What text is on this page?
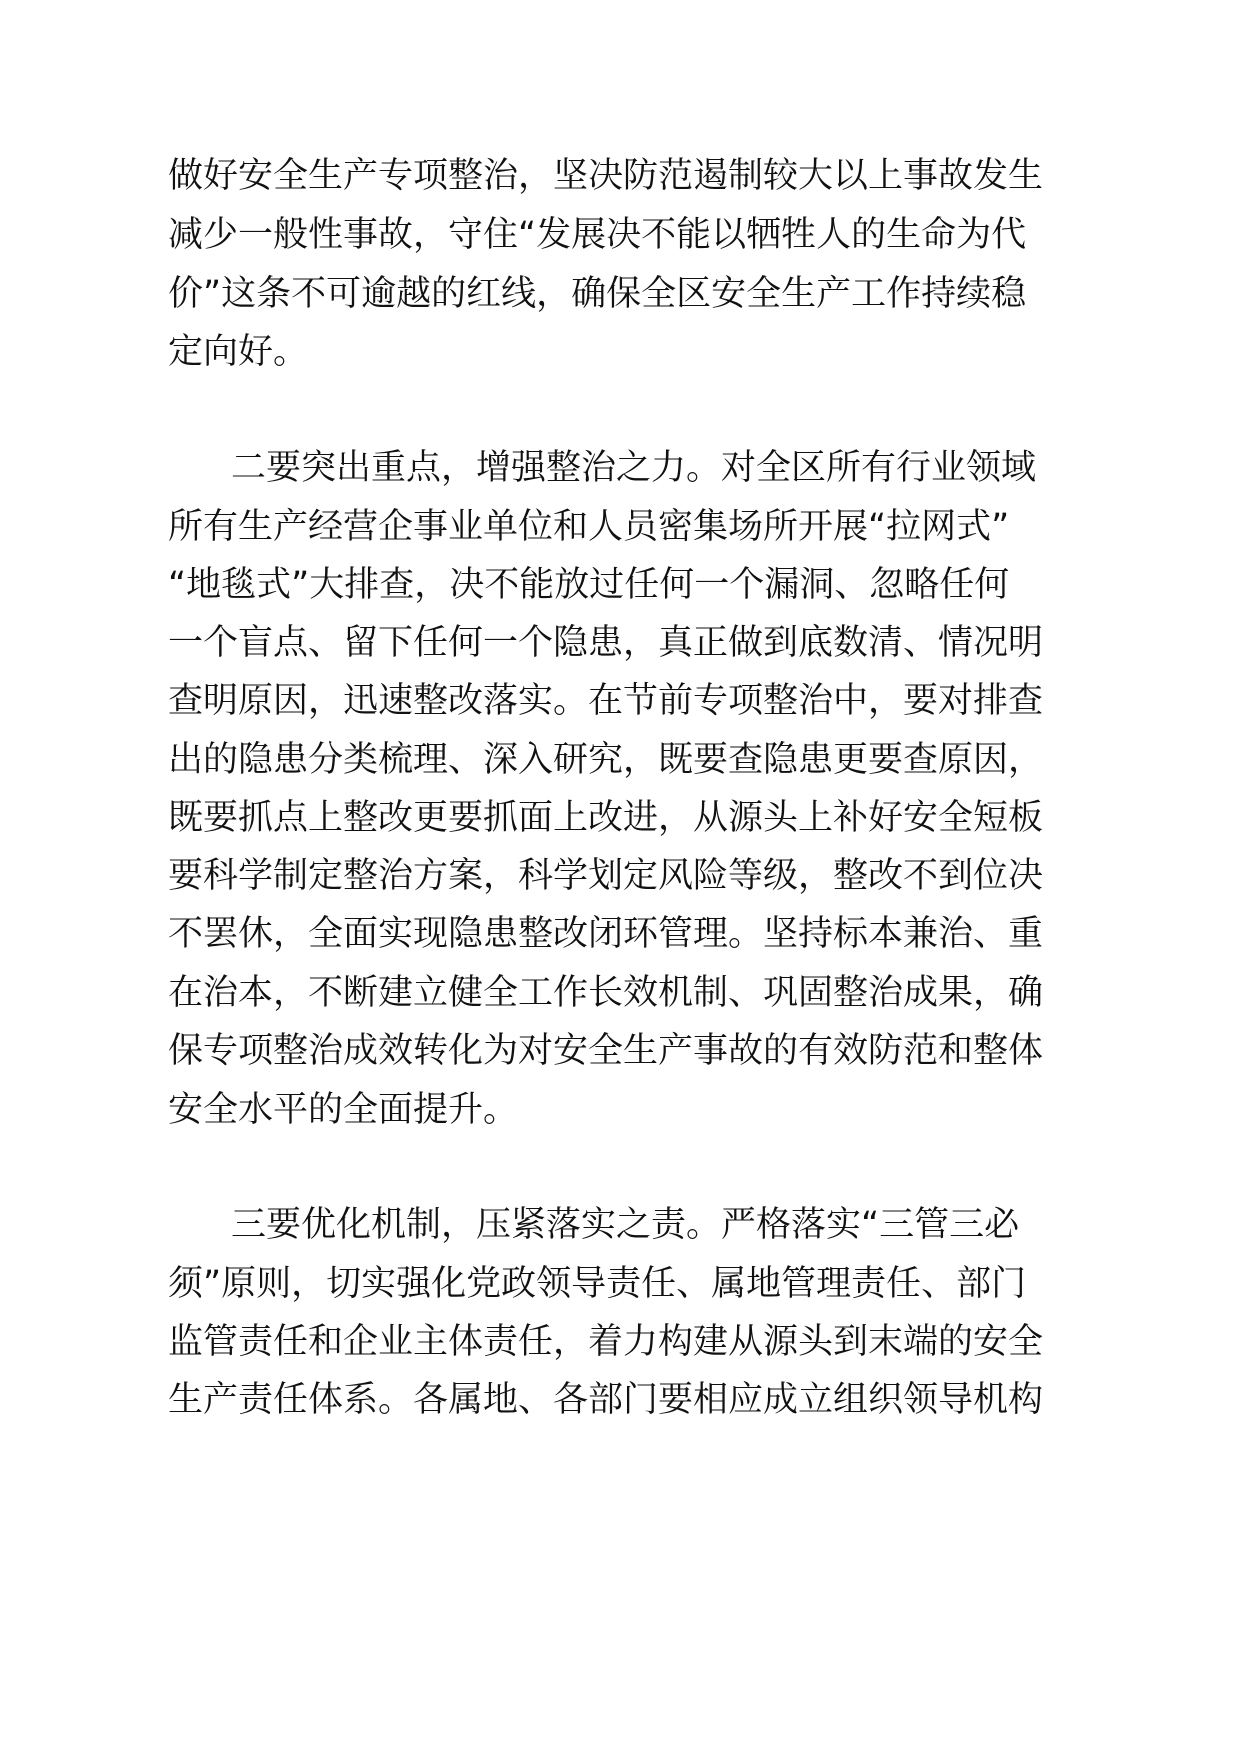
做好安全生产专项整治，坚决防范遏制较大以上事故发生
减少一般性事故，守住“发展决不能以牺牲人的生命为代
价”这条不可逾越的红线，确保全区安全生产工作持续稳
定向好。
二要突出重点，增强整治之力。对全区所有行业领域
所有生产经营企事业单位和人员密集场所开展“拉网式”
“地毯式”大排查，决不能放过任何一个漏洞、忽略任何
一个盲点、留下任何一个隐患，真正做到底数清、情况明
查明原因，迅速整改落实。在节前专项整治中，要对排查
出的隐患分类梳理、深入研究，既要查隐患更要查原因，
既要抓点上整改更要抓面上改进，从源头上补好安全短板
要科学制定整治方案，科学划定风险等级，整改不到位决
不罢休，全面实现隐患整改闭环管理。坚持标本兼治、重
在治本，不断建立健全工作长效机制、巩固整治成果，确
保专项整治成效转化为对安全生产事故的有效防范和整体
安全水平的全面提升。
三要优化机制，压紧落实之责。严格落实“三管三必
须”原则，切实强化党政领导责任、属地管理责任、部门
监管责任和企业主体责任，着力构建从源头到末端的安全
生产责任体系。各属地、各部门要相应成立组织领导机构
